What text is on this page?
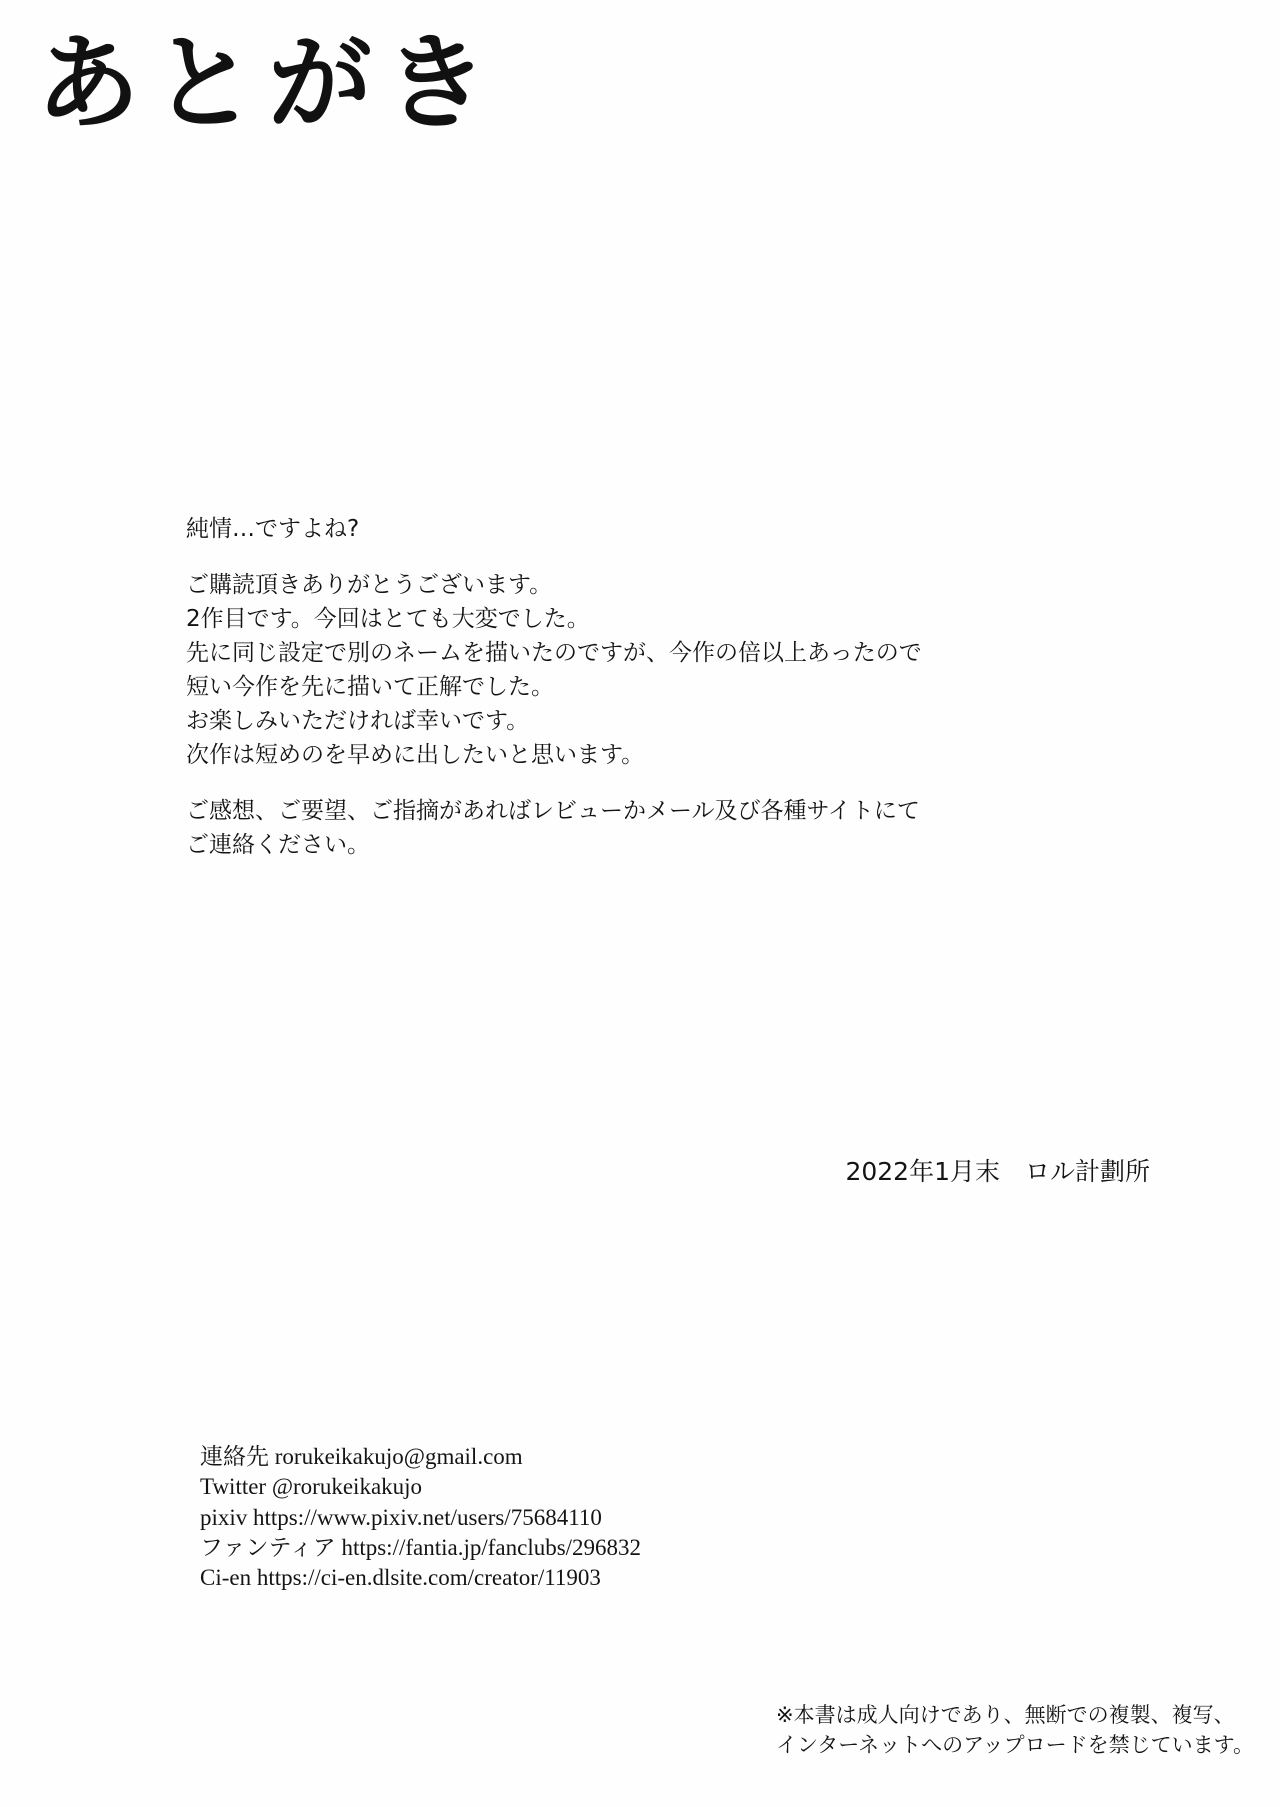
あとがき

純情…ですよね?

ご購読頂きありがとうございます。

2作目です。今回はとても大変でした。

先に同じ設定で別のネームを描いたのですが、今作の倍以上あったので

短い今作を先に描いて正解でした。

お楽しみいただければ幸いです。

次作は短めのを早めに出したいと思います。

ご感想、ご要望、ご指摘があればレビューかメール及び各種サイトにて

ご連絡ください。

2022年1月末　ロル計劃所

連絡先 rorukeikakujo@gmail.com

Twitter @rorukeikakujo

pixiv https://www.pixiv.net/users/75684110

ファンティア https://fantia.jp/fanclubs/296832

Ci-en https://ci-en.dlsite.com/creator/11903

※本書は成人向けであり、無断での複製、複写、

インターネットへのアップロードを禁じています。
